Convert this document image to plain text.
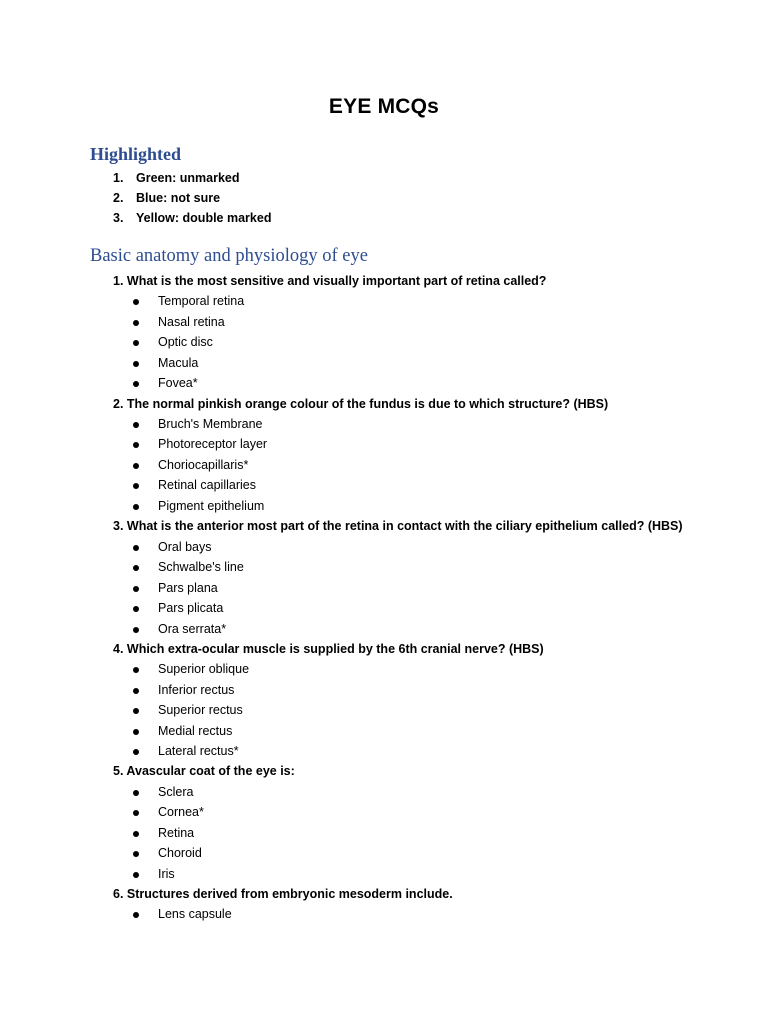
EYE MCQs
Highlighted
1. Green: unmarked
2. Blue: not sure
3. Yellow: double marked
Basic anatomy and physiology of eye
1. What is the most sensitive and visually important part of retina called?
Temporal retina
Nasal retina
Optic disc
Macula
Fovea*
2. The normal pinkish orange colour of the fundus is due to which structure? (HBS)
Bruch's Membrane
Photoreceptor layer
Choriocapillaris*
Retinal capillaries
Pigment epithelium
3. What is the anterior most part of the retina in contact with the ciliary epithelium called? (HBS)
Oral bays
Schwalbe's line
Pars plana
Pars plicata
Ora serrata*
4. Which extra-ocular muscle is supplied by the 6th cranial nerve? (HBS)
Superior oblique
Inferior rectus
Superior rectus
Medial rectus
Lateral rectus*
5. Avascular coat of the eye is:
Sclera
Cornea*
Retina
Choroid
Iris
6. Structures derived from embryonic mesoderm include.
Lens capsule
